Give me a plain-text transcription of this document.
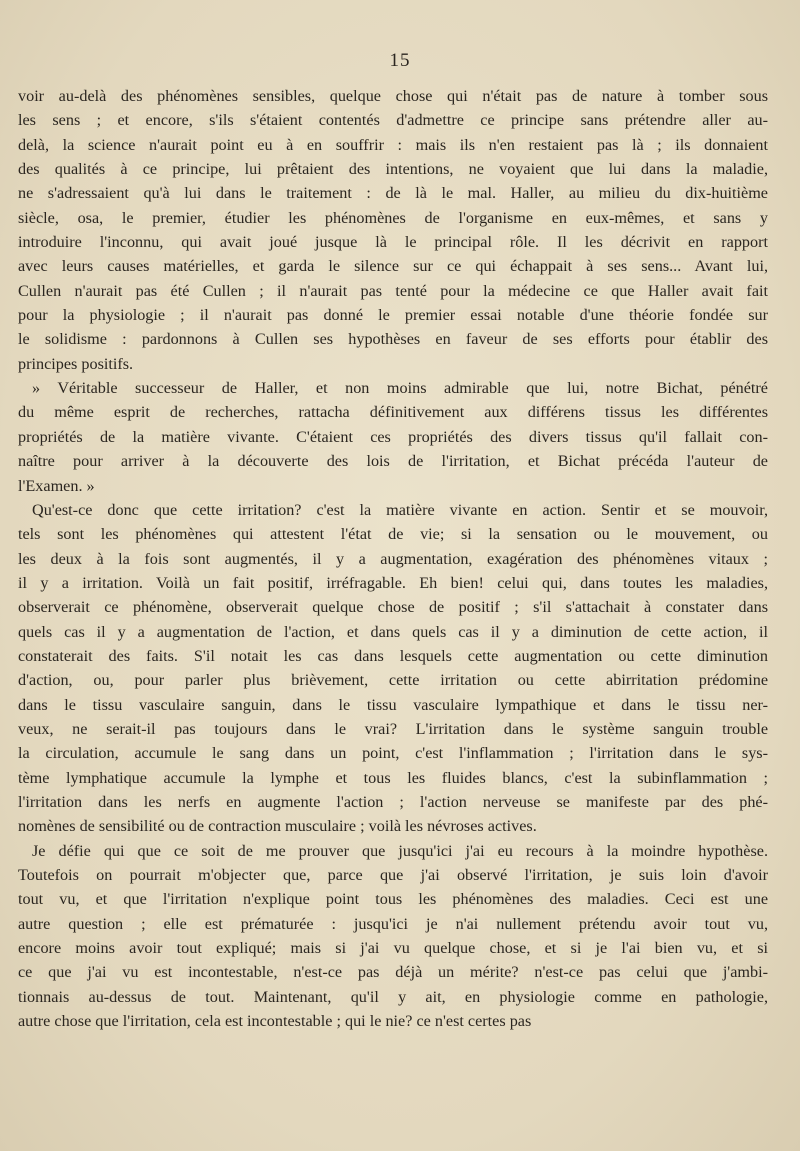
15
voir au-delà des phénomènes sensibles, quelque chose qui n'était pas de nature à tomber sous
les sens ; et encore, s'ils s'étaient contentés d'admettre ce principe sans prétendre aller au-
delà, la science n'aurait point eu à en souffrir : mais ils n'en restaient pas là ; ils donnaient
des qualités à ce principe, lui prêtaient des intentions, ne voyaient que lui dans la maladie,
ne s'adressaient qu'à lui dans le traitement : de là le mal. Haller, au milieu du dix-huitième
siècle, osa, le premier, étudier les phénomènes de l'organisme en eux-mêmes, et sans y
introduire l'inconnu, qui avait joué jusque là le principal rôle. Il les décrivit en rapport
avec leurs causes matérielles, et garda le silence sur ce qui échappait à ses sens... Avant lui,
Cullen n'aurait pas été Cullen ; il n'aurait pas tenté pour la médecine ce que Haller avait fait
pour la physiologie ; il n'aurait pas donné le premier essai notable d'une théorie fondée sur
le solidisme : pardonnons à Cullen ses hypothèses en faveur de ses efforts pour établir des
principes positifs.
» Véritable successeur de Haller, et non moins admirable que lui, notre Bichat, pénétré
du même esprit de recherches, rattacha définitivement aux différens tissus les différentes
propriétés de la matière vivante. C'étaient ces propriétés des divers tissus qu'il fallait con-
naître pour arriver à la découverte des lois de l'irritation, et Bichat précéda l'auteur de
l'Examen. »
Qu'est-ce donc que cette irritation? c'est la matière vivante en action. Sentir et se mouvoir,
tels sont les phénomènes qui attestent l'état de vie; si la sensation ou le mouvement, ou
les deux à la fois sont augmentés, il y a augmentation, exagération des phénomènes vitaux ;
il y a irritation. Voilà un fait positif, irréfragable. Eh bien! celui qui, dans toutes les maladies,
observerait ce phénomène, observerait quelque chose de positif ; s'il s'attachait à constater dans
quels cas il y a augmentation de l'action, et dans quels cas il y a diminution de cette action, il
constaterait des faits. S'il notait les cas dans lesquels cette augmentation ou cette diminution
d'action, ou, pour parler plus brièvement, cette irritation ou cette abirritation prédomine
dans le tissu vasculaire sanguin, dans le tissu vasculaire lympathique et dans le tissu ner-
veux, ne serait-il pas toujours dans le vrai? L'irritation dans le système sanguin trouble
la circulation, accumule le sang dans un point, c'est l'inflammation ; l'irritation dans le sys-
tème lymphatique accumule la lymphe et tous les fluides blancs, c'est la subinflammation ;
l'irritation dans les nerfs en augmente l'action ; l'action nerveuse se manifeste par des phé-
nomènes de sensibilité ou de contraction musculaire ; voilà les névroses actives.
Je défie qui que ce soit de me prouver que jusqu'ici j'ai eu recours à la moindre hypothèse.
Toutefois on pourrait m'objecter que, parce que j'ai observé l'irritation, je suis loin d'avoir
tout vu, et que l'irritation n'explique point tous les phénomènes des maladies. Ceci est une
autre question ; elle est prématurée : jusqu'ici je n'ai nullement prétendu avoir tout vu,
encore moins avoir tout expliqué; mais si j'ai vu quelque chose, et si je l'ai bien vu, et si
ce que j'ai vu est incontestable, n'est-ce pas déjà un mérite? n'est-ce pas celui que j'ambi-
tionnais au-dessus de tout. Maintenant, qu'il y ait, en physiologie comme en pathologie,
autre chose que l'irritation, cela est incontestable ; qui le nie? ce n'est certes pas
